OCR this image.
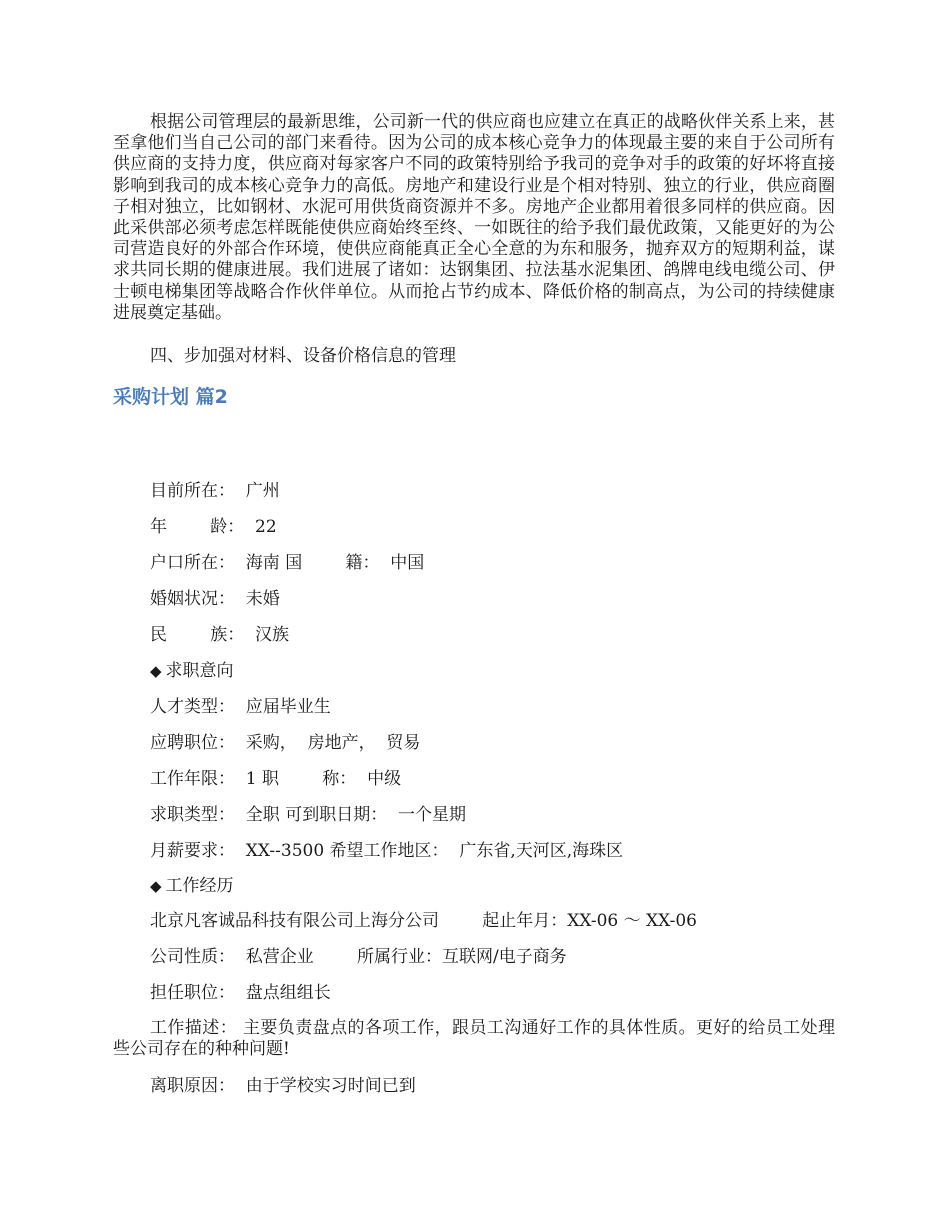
根据公司管理层的最新思维，公司新一代的供应商也应建立在真正的战略伙伴关系上来，甚至拿他们当自己公司的部门来看待。因为公司的成本核心竞争力的体现最主要的来自于公司所有供应商的支持力度，供应商对每家客户不同的政策特别给予我司的竞争对手的政策的好坏将直接影响到我司的成本核心竞争力的高低。房地产和建设行业是个相对特别、独立的行业，供应商圈子相对独立，比如钢材、水泥可用供货商资源并不多。房地产企业都用着很多同样的供应商。因此采供部必须考虑怎样既能使供应商始终至终、一如既往的给予我们最优政策，又能更好的为公司营造良好的外部合作环境，使供应商能真正全心全意的为东和服务，抛弃双方的短期利益，谋求共同长期的健康进展。我们进展了诸如：达钢集团、拉法基水泥集团、鸽牌电线电缆公司、伊士顿电梯集团等战略合作伙伴单位。从而抢占节约成本、降低价格的制高点，为公司的持续健康进展奠定基础。

四、步加强对材料、设备价格信息的管理

采购计划 篇2

目前所在：  广州

年        龄：  22

户口所在：  海南 国        籍：  中国

婚姻状况：  未婚

民        族：  汉族

◆ 求职意向

人才类型：  应届毕业生

应聘职位：  采购，  房地产，  贸易

工作年限：  1 职        称：  中级

求职类型：  全职 可到职日期：  一个星期

月薪要求：  XX--3500 希望工作地区：  广东省,天河区,海珠区

◆ 工作经历

北京凡客诚品科技有限公司上海分公司        起止年月：XX-06 ～ XX-06

公司性质：  私营企业        所属行业：互联网/电子商务

担任职位：  盘点组组长

工作描述： 主要负责盘点的各项工作，跟员工沟通好工作的具体性质。更好的给员工处理些公司存在的种种问题!

离职原因：  由于学校实习时间已到
